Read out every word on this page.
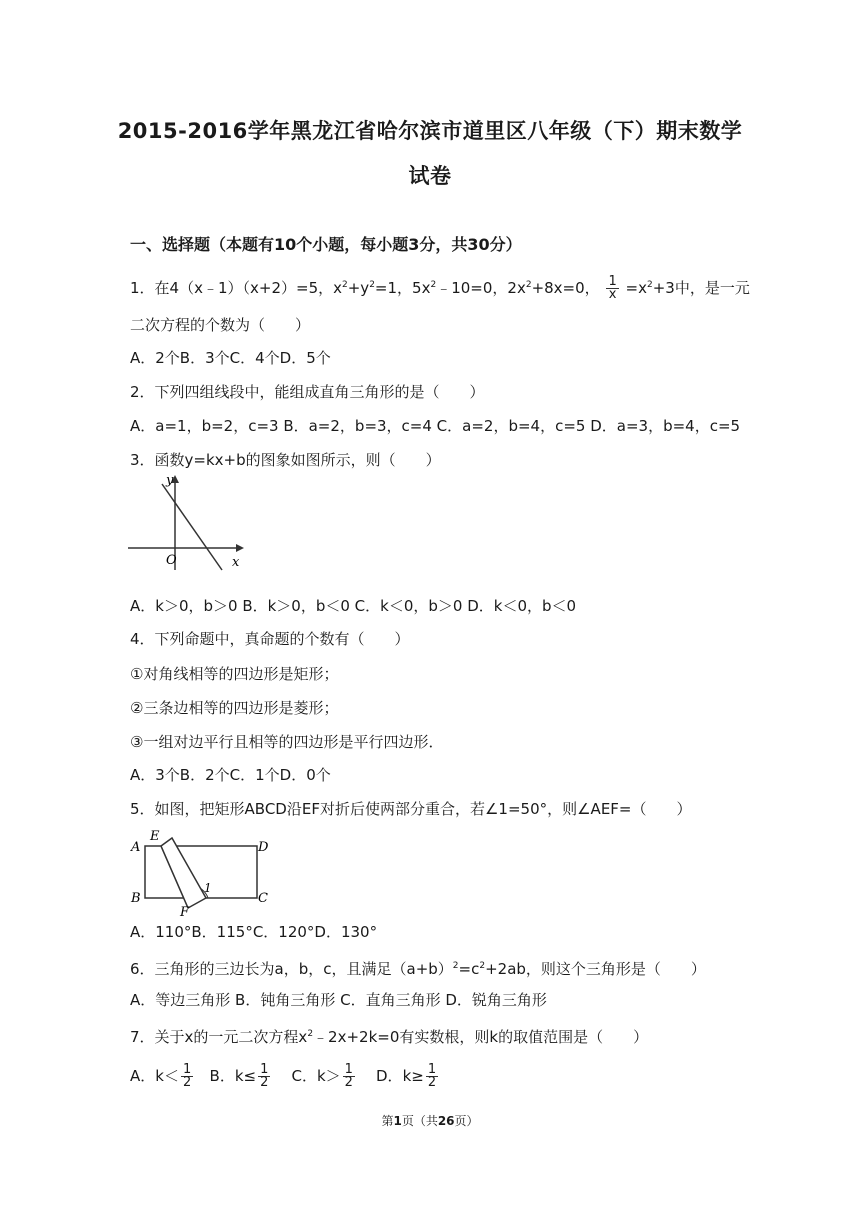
2015-2016学年黑龙江省哈尔滨市道里区八年级（下）期末数学
试卷
一、选择题（本题有10个小题，每小题3分，共30分）
1．在4（x﹣1）（x+2）=5，$x^2+y^2=1$，$5x^2﹣10=0$，$2x^2+8x=0$， $\frac{1}{x} =x^2+3$中，是一元
二次方程的个数为（　　）
A．2个B．3个C．4个D．5个
2．下列四组线段中，能组成直角三角形的是（　　）
A．a=1，b=2，c=3 B．a=2，b=3，c=4 C．a=2，b=4，c=5 D．a=3，b=4，c=5
3．函数y=kx+b的图象如图所示，则（　　）
y
x
O
A．k＞0，b＞0 B．k＞0，b＜0 C．k＜0，b＞0 D．k＜0，b＜0
4．下列命题中，真命题的个数有（　　）
①对角线相等的四边形是矩形；
②三条边相等的四边形是菱形；
③一组对边平行且相等的四边形是平行四边形．
A．3个B．2个C．1个D．0个
5．如图，把矩形ABCD沿EF对折后使两部分重合，若∠1=50°，则∠AEF=（　　）
A
B	C
D
E
F
1
A．110°B．115°C．120°D．130°
6．三角形的三边长为a，b，c，且满足$(a+b)^2=c^2+2ab$，则这个三角形是（　　）
A．等边三角形 B．钝角三角形 C．直角三角形 D．锐角三角形
7．关于x的一元二次方程$x^2﹣2x+2k=0$有实数根，则k的取值范围是（　　）
A．$k< \frac{1}{2}$ B．$k\le \frac{1}{2}$ C．$k> \frac{1}{2}$ D．$k\ge \frac{1}{2}$
第1页（共26页）
